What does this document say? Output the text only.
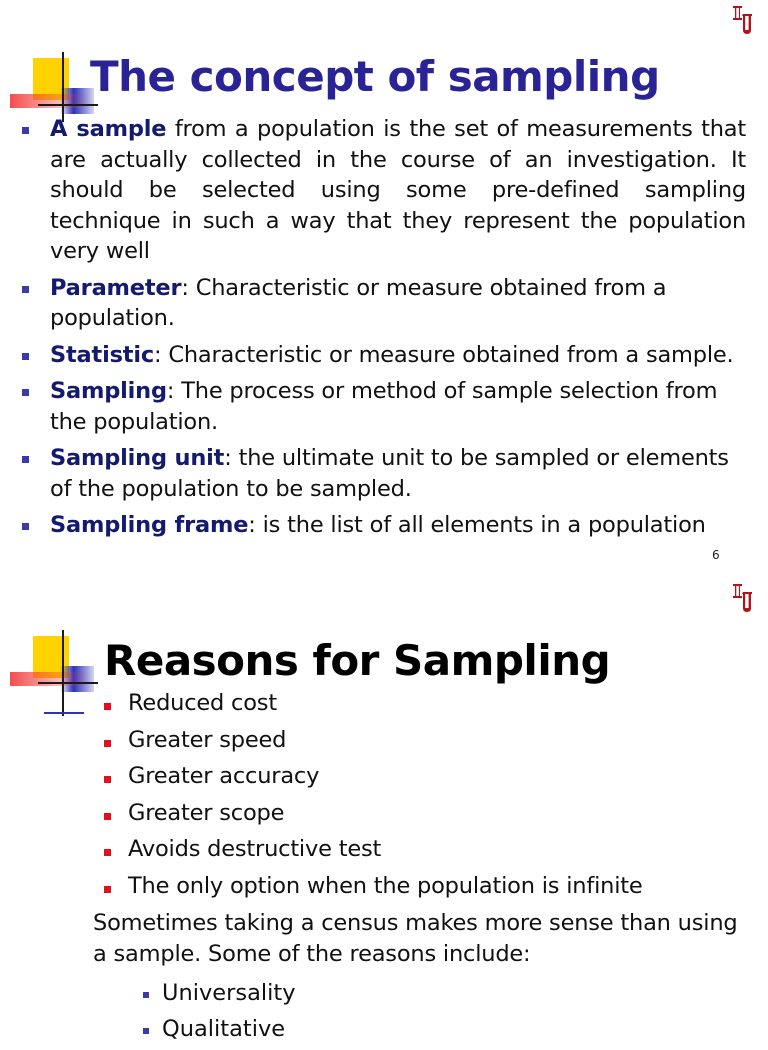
The concept of sampling
A sample from a population is the set of measurements that are actually collected in the course of an investigation. It should be selected using some pre-defined sampling technique in such a way that they represent the population very well
Parameter: Characteristic or measure obtained from a population.
Statistic: Characteristic or measure obtained from a sample.
Sampling: The process or method of sample selection from the population.
Sampling unit: the ultimate unit to be sampled or elements of the population to be sampled.
Sampling frame: is the list of all elements in a population
6
Reasons for Sampling
Reduced cost
Greater speed
Greater accuracy
Greater scope
Avoids destructive test
The only option when the population is infinite

Sometimes taking a census makes more sense than using a sample. Some of the reasons include:

Universality
Qualitative
